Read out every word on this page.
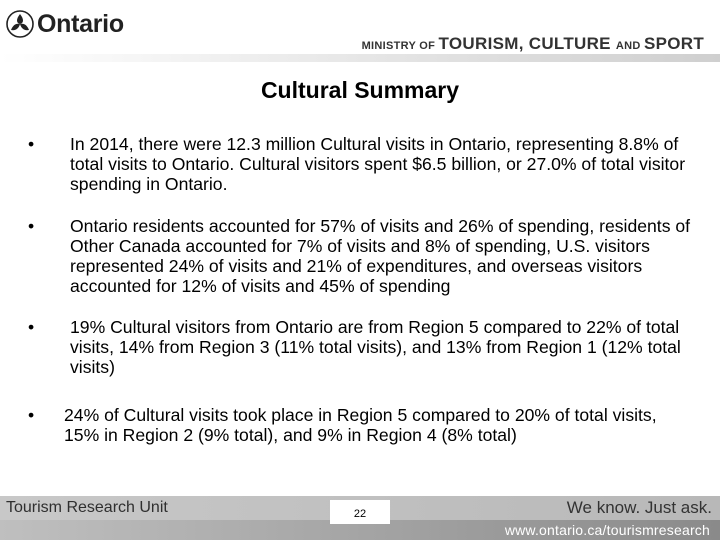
Ontario
MINISTRY OF TOURISM, CULTURE AND SPORT
Cultural Summary
• In 2014, there were 12.3 million Cultural visits in Ontario, representing 8.8% of total visits to Ontario. Cultural visitors spent $6.5 billion, or 27.0% of total visitor spending in Ontario.
• Ontario residents accounted for 57% of visits and 26% of spending, residents of Other Canada accounted for 7% of visits and 8% of spending, U.S. visitors represented 24% of visits and 21% of expenditures, and overseas visitors accounted for 12% of visits and 45% of spending
• 19% Cultural visitors from Ontario are from Region 5 compared to 22% of total visits, 14% from Region 3 (11% total visits), and 13% from Region 1 (12% total visits)
• 24% of Cultural visits took place in Region 5 compared to 20% of total visits, 15% in Region 2 (9% total), and 9% in Region 4 (8% total)
Tourism Research Unit	We know. Just ask.
www.ontario.ca/tourismresearch
22
